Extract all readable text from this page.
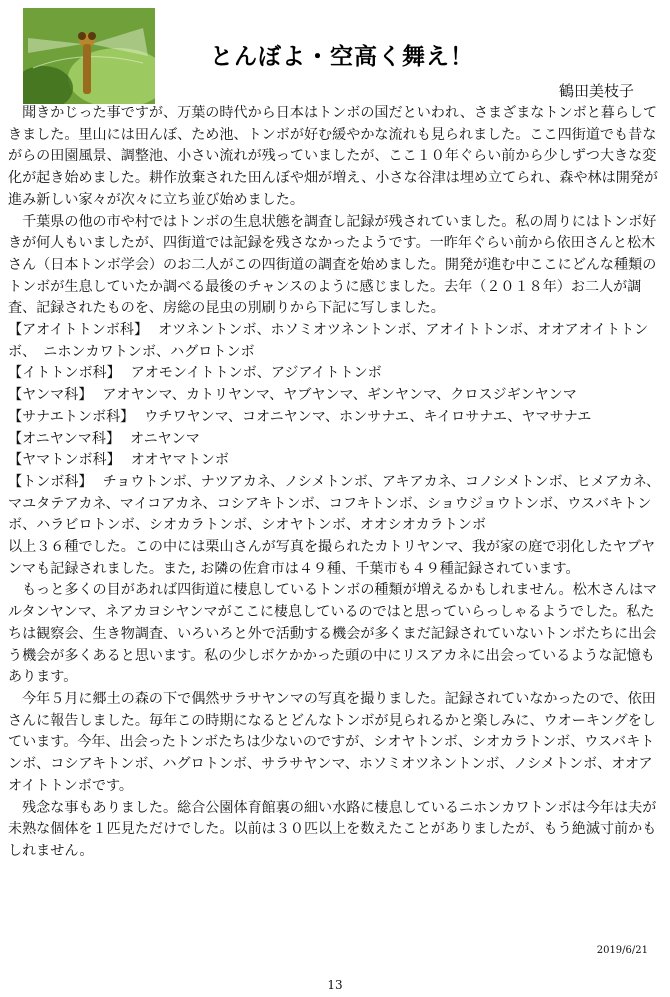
とんぼよ・空高く舞え！
鶴田美枝子

聞きかじった事ですが、万葉の時代から日本はトンボの国だといわれ、さまざまなトンボと暮らしてきました。里山には田んぼ、ため池、トンボが好む緩やかな流れも見られました。ここ四街道でも昔ながらの田園風景、調整池、小さい流れが残っていましたが、ここ１０年ぐらい前から少しずつ大きな変化が起き始めました。耕作放棄された田んぼや畑が増え、小さな谷津は埋め立てられ、森や林は開発が進み新しい家々が次々に立ち並び始めました。

千葉県の他の市や村ではトンボの生息状態を調査し記録が残されていました。私の周りにはトンボ好きが何人もいましたが、四街道では記録を残さなかったようです。一昨年ぐらい前から依田さんと松木さん（日本トンボ学会）のお二人がこの四街道の調査を始めました。開発が進む中ここにどんな種類のトンボが生息していたか調べる最後のチャンスのように感じました。去年（２０１８年）お二人が調査、記録されたものを、房総の昆虫の別刷りから下記に写しました。

【アオイトトンボ科】 オツネントンボ、ホソミオツネントンボ、アオイトトンボ、オオアオイトトンボ、　ニホンカワトンボ、ハグロトンボ

【イトトンボ科】 アオモンイトトンボ、アジアイトトンボ

【ヤンマ科】 アオヤンマ、カトリヤンマ、ヤブヤンマ、ギンヤンマ、クロスジギンヤンマ

【サナエトンボ科】 ウチワヤンマ、コオニヤンマ、ホンサナエ、キイロサナエ、ヤマサナエ

【オニヤンマ科】 オニヤンマ

【ヤマトンボ科】 オオヤマトンボ

【トンボ科】 チョウトンボ、ナツアカネ、ノシメトンボ、アキアカネ、コノシメトンボ、ヒメアカネ、　マユタテアカネ、マイコアカネ、コシアキトンボ、コフキトンボ、ショウジョウトンボ、ウスバキトンボ、ハラビロトンボ、シオカラトンボ、シオヤトンボ、オオシオカラトンボ

以上３６種でした。この中には栗山さんが写真を撮られたカトリヤンマ、我が家の庭で羽化したヤブヤンマも記録されました。また, お隣の佐倉市は４９種、千葉市も４９種記録されています。

もっと多くの目があれば四街道に棲息しているトンボの種類が増えるかもしれません。松木さんはマルタンヤンマ、ネアカヨシヤンマがここに棲息しているのではと思っていらっしゃるようでした。私たちは観察会、生き物調査、いろいろと外で活動する機会が多くまだ記録されていないトンボたちに出会う機会が多くあると思います。私の少しボケかかった頭の中にリスアカネに出会っているような記憶もあります。

今年５月に郷土の森の下で偶然サラサヤンマの写真を撮りました。記録されていなかったので、依田さんに報告しました。毎年この時期になるとどんなトンボが見られるかと楽しみに、ウオーキングをしています。今年、出会ったトンボたちは少ないのですが、シオヤトンボ、シオカラトンボ、ウスバキトンボ、コシアキトンボ、ハグロトンボ、サラサヤンマ、ホソミオツネントンボ、ノシメトンボ、オオアオイトトンボです。

残念な事もありました。総合公園体育館裏の細い水路に棲息しているニホンカワトンボは今年は夫が未熟な個体を１匹見ただけでした。以前は３０匹以上を数えたことがありましたが、もう絶滅寸前かもしれません。

2019/6/21
13
